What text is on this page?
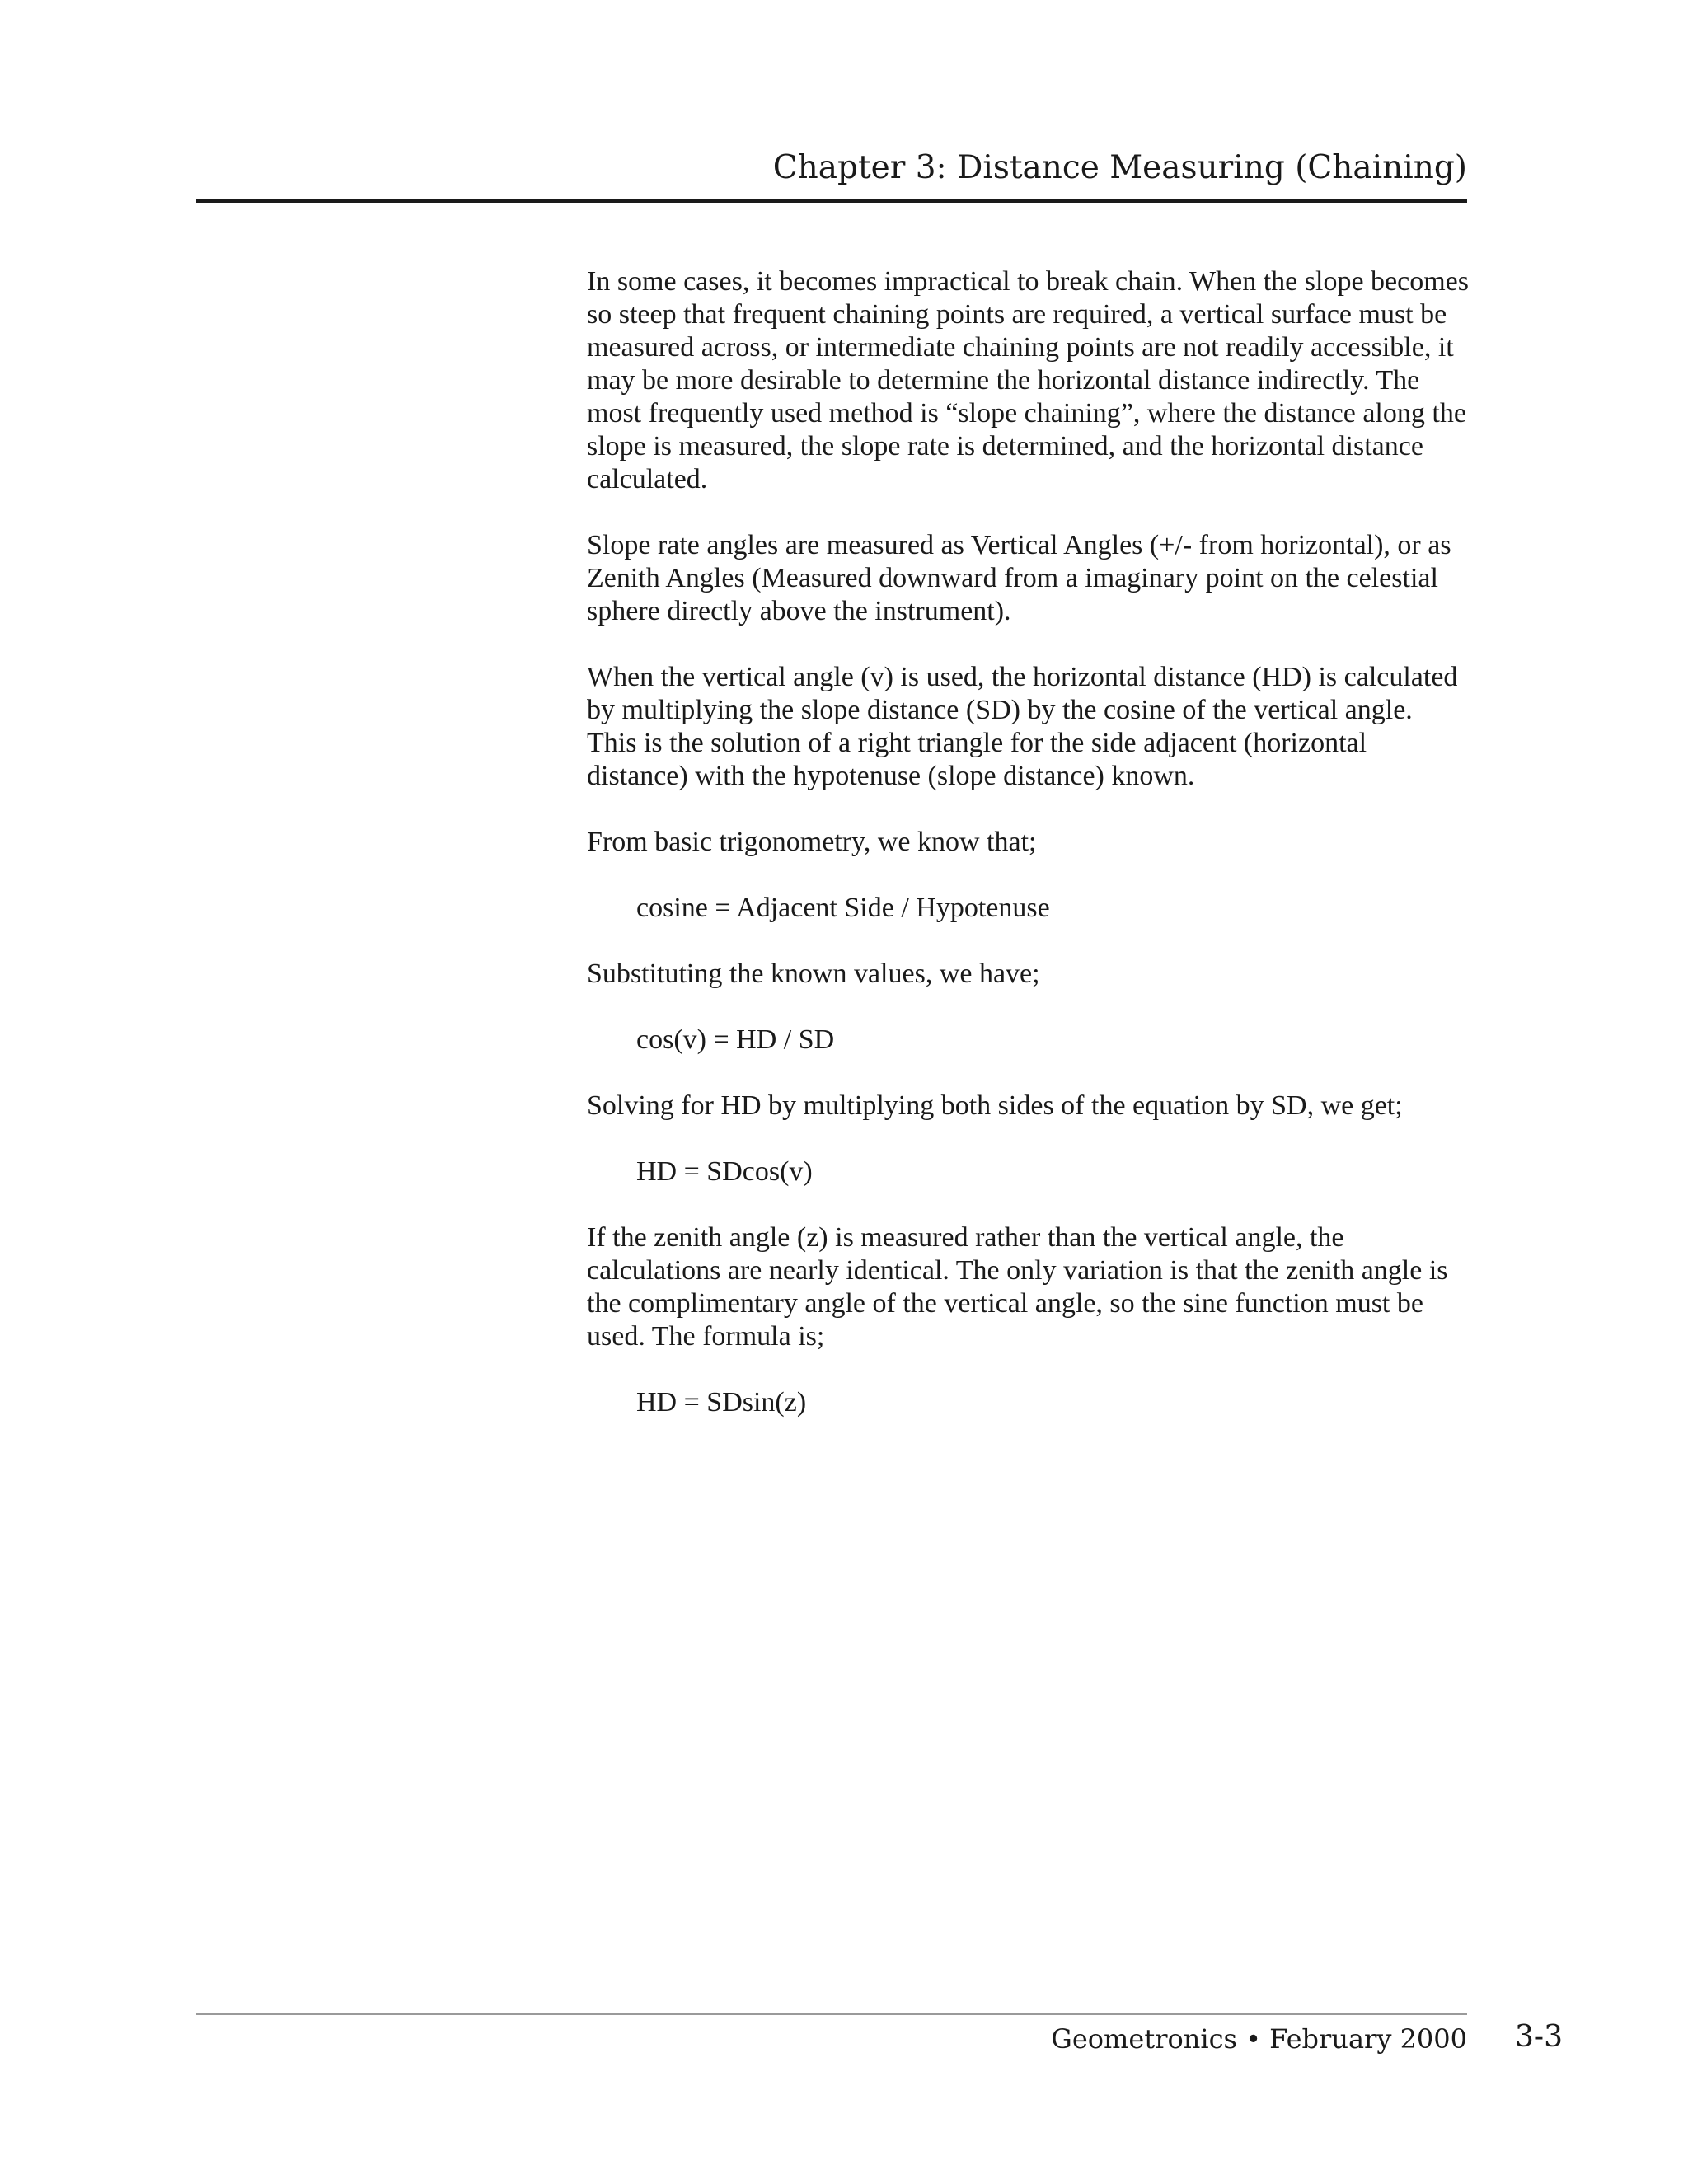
Chapter 3: Distance Measuring (Chaining)

In some cases, it becomes impractical to break chain. When the slope becomes so steep that frequent chaining points are required, a vertical surface must be measured across, or intermediate chaining points are not readily accessible, it may be more desirable to determine the horizontal distance indirectly. The most frequently used method is “slope chaining”, where the distance along the slope is measured, the slope rate is determined, and the horizontal distance calculated.

Slope rate angles are measured as Vertical Angles (+/- from horizontal), or as Zenith Angles (Measured downward from a imaginary point on the celestial sphere directly above the instrument).

When the vertical angle (v) is used, the horizontal distance (HD) is calculated by multiplying the slope distance (SD) by the cosine of the vertical angle. This is the solution of a right triangle for the side adjacent (horizontal distance) with the hypotenuse (slope distance) known.

From basic trigonometry, we know that;

cosine = Adjacent Side / Hypotenuse

Substituting the known values, we have;

cos(v) = HD / SD

Solving for HD by multiplying both sides of the equation by SD, we get;

HD = SDcos(v)

If the zenith angle (z) is measured rather than the vertical angle, the calculations are nearly identical. The only variation is that the zenith angle is the complimentary angle of the vertical angle, so the sine function must be used. The formula is;

HD = SDsin(z)
Geometronics • February 2000 3-3
